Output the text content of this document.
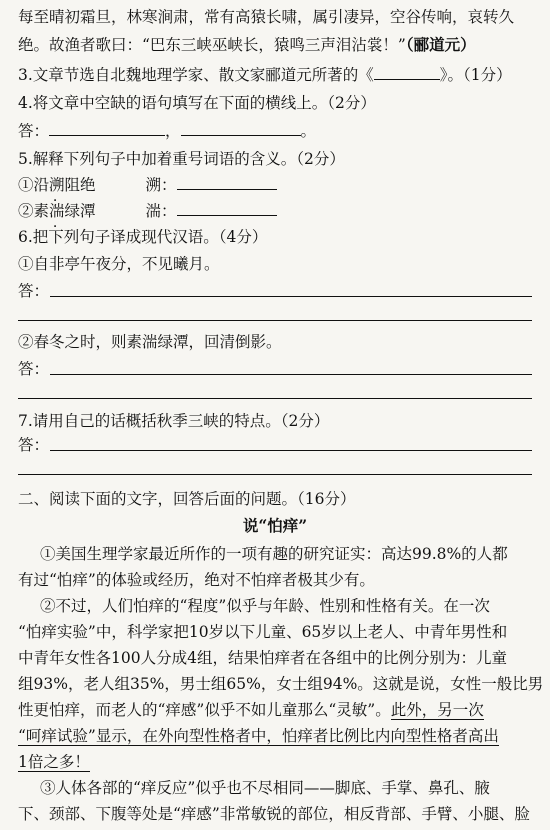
每至晴初霜旦，林寒涧肃，常有高猿长啸，属引凄异，空谷传响，哀转久
绝。故渔者歌曰：“巴东三峡巫峡长，猿鸣三声泪沾裳！”（郦道元）
3.文章节选自北魏地理学家、散文家郦道元所著的《	》。（1分）
4.将文章中空缺的语句填写在下面的横线上。（2分）
答：	，	。
5.解释下列句子中加着重号词语的含义。（2分）
①沿溯阻绝 ·	溯：
②素湍绿潭 ·	湍：
6.把下列句子译成现代汉语。（4分）
①自非亭午夜分，不见曦月。
答：
②春冬之时，则素湍绿潭，回清倒影。
答：
7.请用自己的话概括秋季三峡的特点。（2分）
答：
二、阅读下面的文字，回答后面的问题。（16分）
说“怕痒”
①美国生理学家最近所作的一项有趣的研究证实：高达99.8%的人都
有过“怕痒”的体验或经历，绝对不怕痒者极其少有。
②不过，人们怕痒的“程度”似乎与年龄、性别和性格有关。在一次
“怕痒实验”中，科学家把10岁以下儿童、65岁以上老人、中青年男性和
中青年女性各100人分成4组，结果怕痒者在各组中的比例分别为：儿童
组93%，老人组35%，男士组65%，女士组94%。这就是说，女性一般比男
性更怕痒，而老人的“痒感”似乎不如儿童那么“灵敏”。此外，另一次
“呵痒试验”显示，在外向型性格者中，怕痒者比例比内向型性格者高出
1倍之多！
③人体各部的“痒反应”似乎也不尽相同——脚底、手掌、鼻孔、腋
下、颈部、下腹等处是“痒感”非常敏锐的部位，相反背部、手臂、小腿、脸
